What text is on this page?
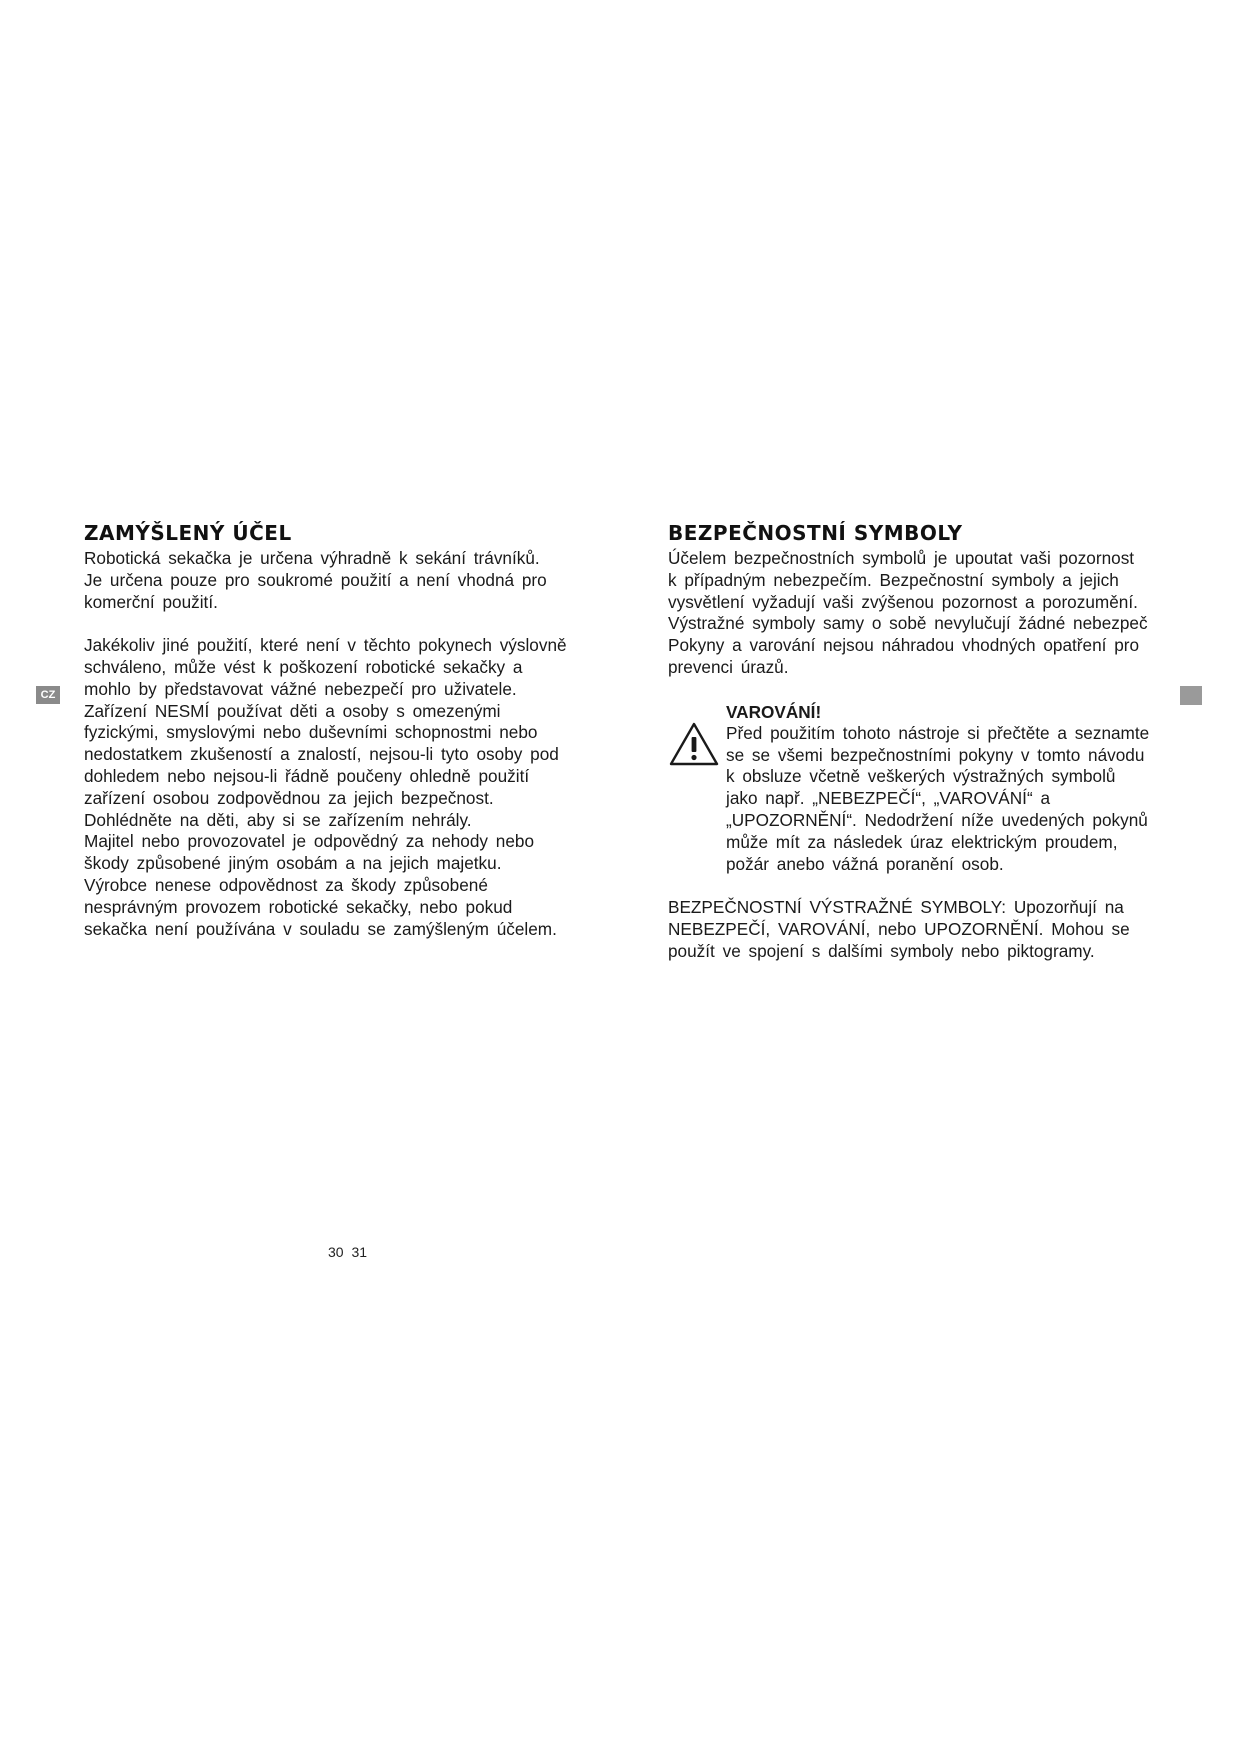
CZ
ZAMÝŠLENÝ ÚČEL

Robotická sekačka je určena výhradně k sekání trávníků.
Je určena pouze pro soukromé použití a není vhodná pro
komerční použití.

Jakékoliv jiné použití, které není v těchto pokynech výslovně
schváleno, může vést k poškození robotické sekačky a
mohlo by představovat vážné nebezpečí pro uživatele.
Zařízení NESMÍ používat děti a osoby s omezenými
fyzickými, smyslovými nebo duševními schopnostmi nebo
nedostatkem zkušeností a znalostí, nejsou-li tyto osoby pod
dohledem nebo nejsou-li řádně poučeny ohledně použití
zařízení osobou zodpovědnou za jejich bezpečnost.
Dohlédněte na děti, aby si se zařízením nehrály.
Majitel nebo provozovatel je odpovědný za nehody nebo
škody způsobené jiným osobám a na jejich majetku.
Výrobce nenese odpovědnost za škody způsobené
nesprávným provozem robotické sekačky, nebo pokud
sekačka není používána v souladu se zamýšleným účelem.

BEZPEČNOSTNÍ SYMBOLY

Účelem bezpečnostních symbolů je upoutat vaši pozornost
k případným nebezpečím. Bezpečnostní symboly a jejich
vysvětlení vyžadují vaši zvýšenou pozornost a porozumění.
Výstražné symboly samy o sobě nevylučují žádné nebezpeč
Pokyny a varování nejsou náhradou vhodných opatření pro
prevenci úrazů.

VAROVÁNÍ!

Před použitím tohoto nástroje si přečtěte a seznamte
se se všemi bezpečnostními pokyny v tomto návodu
k obsluze včetně veškerých výstražných symbolů
jako např. „NEBEZPEČÍ“, „VAROVÁNÍ“ a
„UPOZORNĚNÍ“. Nedodržení níže uvedených pokynů
může mít za následek úraz elektrickým proudem,
požár anebo vážná poranění osob.

BEZPEČNOSTNÍ VÝSTRAŽNÉ SYMBOLY: Upozorňují na
NEBEZPEČÍ, VAROVÁNÍ, nebo UPOZORNĚNÍ. Mohou se
použít ve spojení s dalšími symboly nebo piktogramy.

30 31
